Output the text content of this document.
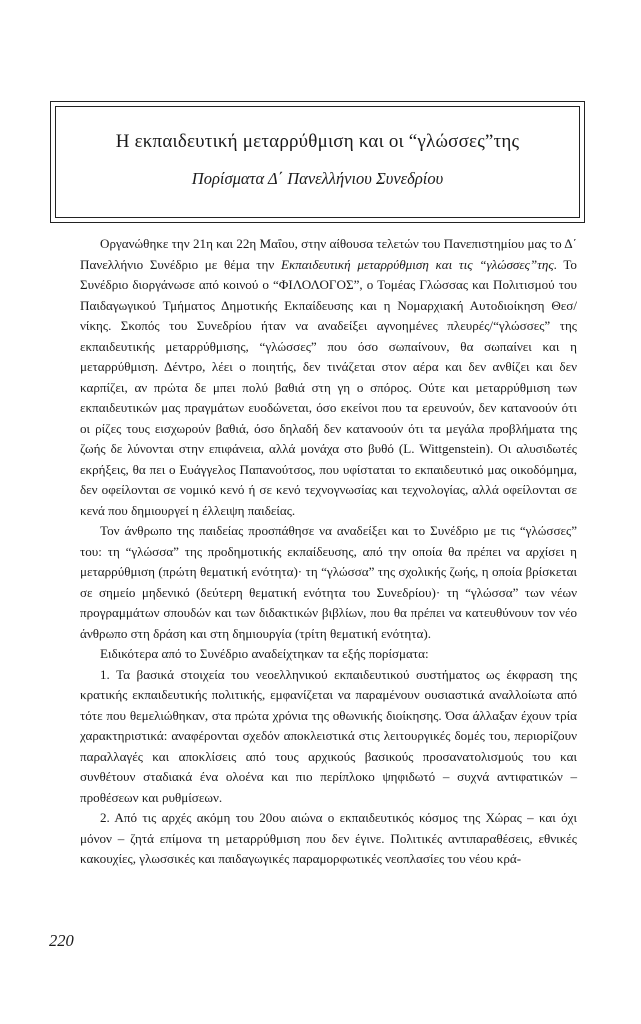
Η εκπαιδευτική μεταρρύθμιση και οι “γλώσσες”της
Πορίσματα Δ΄ Πανελλήνιου Συνεδρίου

Οργανώθηκε την 21η και 22η Μαΐου, στην αίθουσα τελετών του Πανεπιστημίου μας το Δ΄ Πανελλήνιο Συνέδριο με θέμα την Εκπαιδευτική μεταρρύθμιση και τις “γλώσσες”της. Το Συνέδριο διοργάνωσε από κοινού ο “ΦΙΛΟΛΟΓΟΣ”, ο Τομέας Γλώσσας και Πολιτισμού του Παιδαγωγικού Τμήματος Δημοτικής Εκπαίδευσης και η Νομαρχιακή Αυτοδιοίκηση Θεσ/νίκης. Σκοπός του Συνεδρίου ήταν να αναδείξει αγνοημένες πλευρές/“γλώσσες” της εκπαιδευτικής μεταρρύθμισης, “γλώσσες” που όσο σωπαίνουν, θα σωπαίνει και η μεταρρύθμιση. Δέντρο, λέει ο ποιητής, δεν τινάζεται στον αέρα και δεν ανθίζει και δεν καρπίζει, αν πρώτα δε μπει πολύ βαθιά στη γη ο σπόρος. Ούτε και μεταρρύθμιση των εκπαιδευτικών μας πραγμάτων ευοδώνεται, όσο εκείνοι που τα ερευνούν, δεν κατανοούν ότι οι ρίζες τους εισχωρούν βαθιά, όσο δηλαδή δεν κατανοούν ότι τα μεγάλα προβλήματα της ζωής δε λύνονται στην επιφάνεια, αλλά μονάχα στο βυθό (L. Wittgenstein). Οι αλυσιδωτές εκρήξεις, θα πει ο Ευάγγελος Παπανούτσος, που υφίσταται το εκπαιδευτικό μας οικοδόμημα, δεν οφείλονται σε νομικό κενό ή σε κενό τεχνογνωσίας και τεχνολογίας, αλλά οφείλονται σε κενά που δημιουργεί η έλλειψη παιδείας.

Τον άνθρωπο της παιδείας προσπάθησε να αναδείξει και το Συνέδριο με τις “γλώσσες” του: τη “γλώσσα” της προδημοτικής εκπαίδευσης, από την οποία θα πρέπει να αρχίσει η μεταρρύθμιση (πρώτη θεματική ενότητα)· τη “γλώσσα” της σχολικής ζωής, η οποία βρίσκεται σε σημείο μηδενικό (δεύτερη θεματική ενότητα του Συνεδρίου)· τη “γλώσσα” των νέων προγραμμάτων σπουδών και των διδακτικών βιβλίων, που θα πρέπει να κατευθύνουν τον νέο άνθρωπο στη δράση και στη δημιουργία (τρίτη θεματική ενότητα).

Ειδικότερα από το Συνέδριο αναδείχτηκαν τα εξής πορίσματα:

1. Τα βασικά στοιχεία του νεοελληνικού εκπαιδευτικού συστήματος ως έκφραση της κρατικής εκπαιδευτικής πολιτικής, εμφανίζεται να παραμένουν ουσιαστικά αναλλοίωτα από τότε που θεμελιώθηκαν, στα πρώτα χρόνια της οθωνικής διοίκησης. Όσα άλλαξαν έχουν τρία χαρακτηριστικά: αναφέρονται σχεδόν αποκλειστικά στις λειτουργικές δομές του, περιορίζουν παραλλαγές και αποκλίσεις από τους αρχικούς βασικούς προσανατολισμούς του και συνθέτουν σταδιακά ένα ολοένα και πιο περίπλοκο ψηφιδωτό – συχνά αντιφατικών – προθέσεων και ρυθμίσεων.

2. Από τις αρχές ακόμη του 20ου αιώνα ο εκπαιδευτικός κόσμος της Χώρας – και όχι μόνον – ζητά επίμονα τη μεταρρύθμιση που δεν έγινε. Πολιτικές αντιπαραθέσεις, εθνικές κακουχίες, γλωσσικές και παιδαγωγικές παραμορφωτικές νεοπλασίες του νέου κρά-

220
